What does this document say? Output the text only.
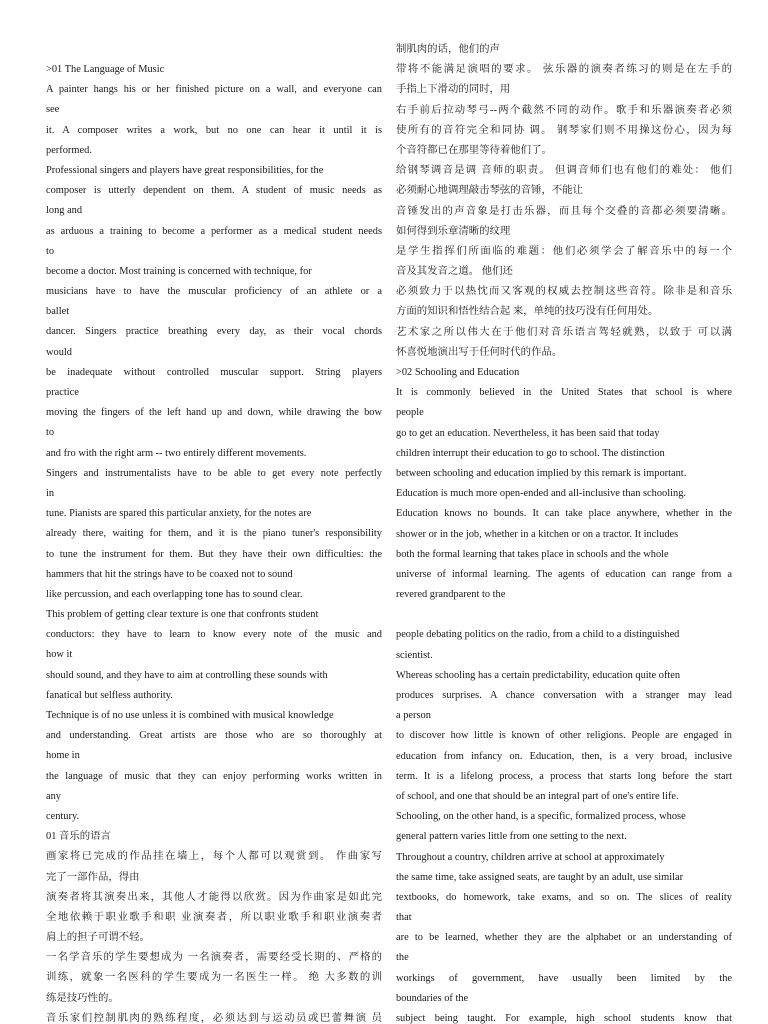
>01 The Language of Music
A painter hangs his or her finished picture on a wall, and everyone can
see
it. A composer writes a work, but no one can hear it until it is
performed.
Professional singers and players have great responsibilities, for the
composer is utterly dependent on them. A student of music needs as
long and
as arduous a training to become a performer as a medical student needs
to
become a doctor. Most training is concerned with technique, for
musicians have to have the muscular proficiency of an athlete or a
ballet
dancer. Singers practice breathing every day, as their vocal chords
would
be inadequate without controlled muscular support. String players
practice
moving the fingers of the left hand up and down, while drawing the bow
to
and fro with the right arm -- two entirely different movements.
Singers and instrumentalists have to be able to get every note perfectly
in
tune. Pianists are spared this particular anxiety, for the notes are
already there, waiting for them, and it is the piano tuner's responsibility
to tune the instrument for them. But they have their own difficulties: the
hammers that hit the strings have to be coaxed not to sound
like percussion, and each overlapping tone has to sound clear.
This problem of getting clear texture is one that confronts student
conductors: they have to learn to know every note of the music and
how it
should sound, and they have to aim at controlling these sounds with
fanatical but selfless authority.
Technique is of no use unless it is combined with musical knowledge
and understanding. Great artists are those who are so thoroughly at
home in
the language of music that they can enjoy performing works written in
any
century.
01 音乐的语言
画家将已完成的作品挂在墙上，每个人都可以观赏到。 作曲家写
完了一部作品，得由
演奏者将其演奏出来，其他人才能得以欣赏。因为作曲家是如此完
全地依赖于职业歌手和职 业演奏者，所以职业歌手和职业演奏者
肩上的担子可谓不轻。
一名学音乐的学生要想成为 一名演奏者，需要经受长期的、严格的
训练，就象一名医科的学生要成为一名医生一样。 绝 大多数的训
练是技巧性的。
音乐家们控制肌肉的熟练程度，必须达到与运动员或巴蕾舞演 员
制肌肉的话，他们的声
带将不能满足演唱的要求。 弦乐器的演奏者练习的则是在左手的
手指上下滑动的同时，用
右手前后拉动琴弓--两个截然不同的动作。歌手和乐器演奏者必须
使所有的音符完全和同协 调。 钢琴家们则不用操这份心，因为每
个音符都已在那里等待着他们了。
给钢琴调音是调 音师的职责。 但调音师们也有他们的难处： 他们
必须耐心地调理敲击琴弦的音锤，不能让
音锤发出的声音象是打击乐器，而且每个交叠的音都必须要清晰。
如何得到乐章清晰的纹理
是学生指挥们所面临的难题：他们必须学会了解音乐中的每一个
音及其发音之道。 他们还
必须致力于以热忱而又客观的权威去控制这些音符。除非是和音乐
方面的知识和悟性结合起 来，单纯的技巧没有任何用处。
艺术家之所以伟大在于他们对音乐语言驾轻就熟，以致于 可以满
怀喜悦地演出写于任何时代的作品。
>02 Schooling and Education
It is commonly believed in the United States that school is where
people
go to get an education. Nevertheless, it has been said that today
children interrupt their education to go to school. The distinction
between schooling and education implied by this remark is important.
Education is much more open-ended and all-inclusive than schooling.
Education knows no bounds. It can take place anywhere, whether in the
shower or in the job, whether in a kitchen or on a tractor. It includes
both the formal learning that takes place in schools and the whole
universe of informal learning. The agents of education can range from a
revered grandparent to the
people debating politics on the radio, from a child to a distinguished
scientist.
Whereas schooling has a certain predictability, education quite often
produces surprises. A chance conversation with a stranger may lead
a person
to discover how little is known of other religions. People are engaged in
education from infancy on. Education, then, is a very broad, inclusive
term. It is a lifelong process, a process that starts long before the start
of school, and one that should be an integral part of one's entire life.
Schooling, on the other hand, is a specific, formalized process, whose
general pattern varies little from one setting to the next.
Throughout a country, children arrive at school at approximately
the same time, take assigned seats, are taught by an adult, use similar
textbooks, do homework, take exams, and so on. The slices of reality
that
are to be learned, whether they are the alphabet or an understanding of
the
workings of government, have usually been limited by the
boundaries of the
subject being taught. For example, high school students know that
